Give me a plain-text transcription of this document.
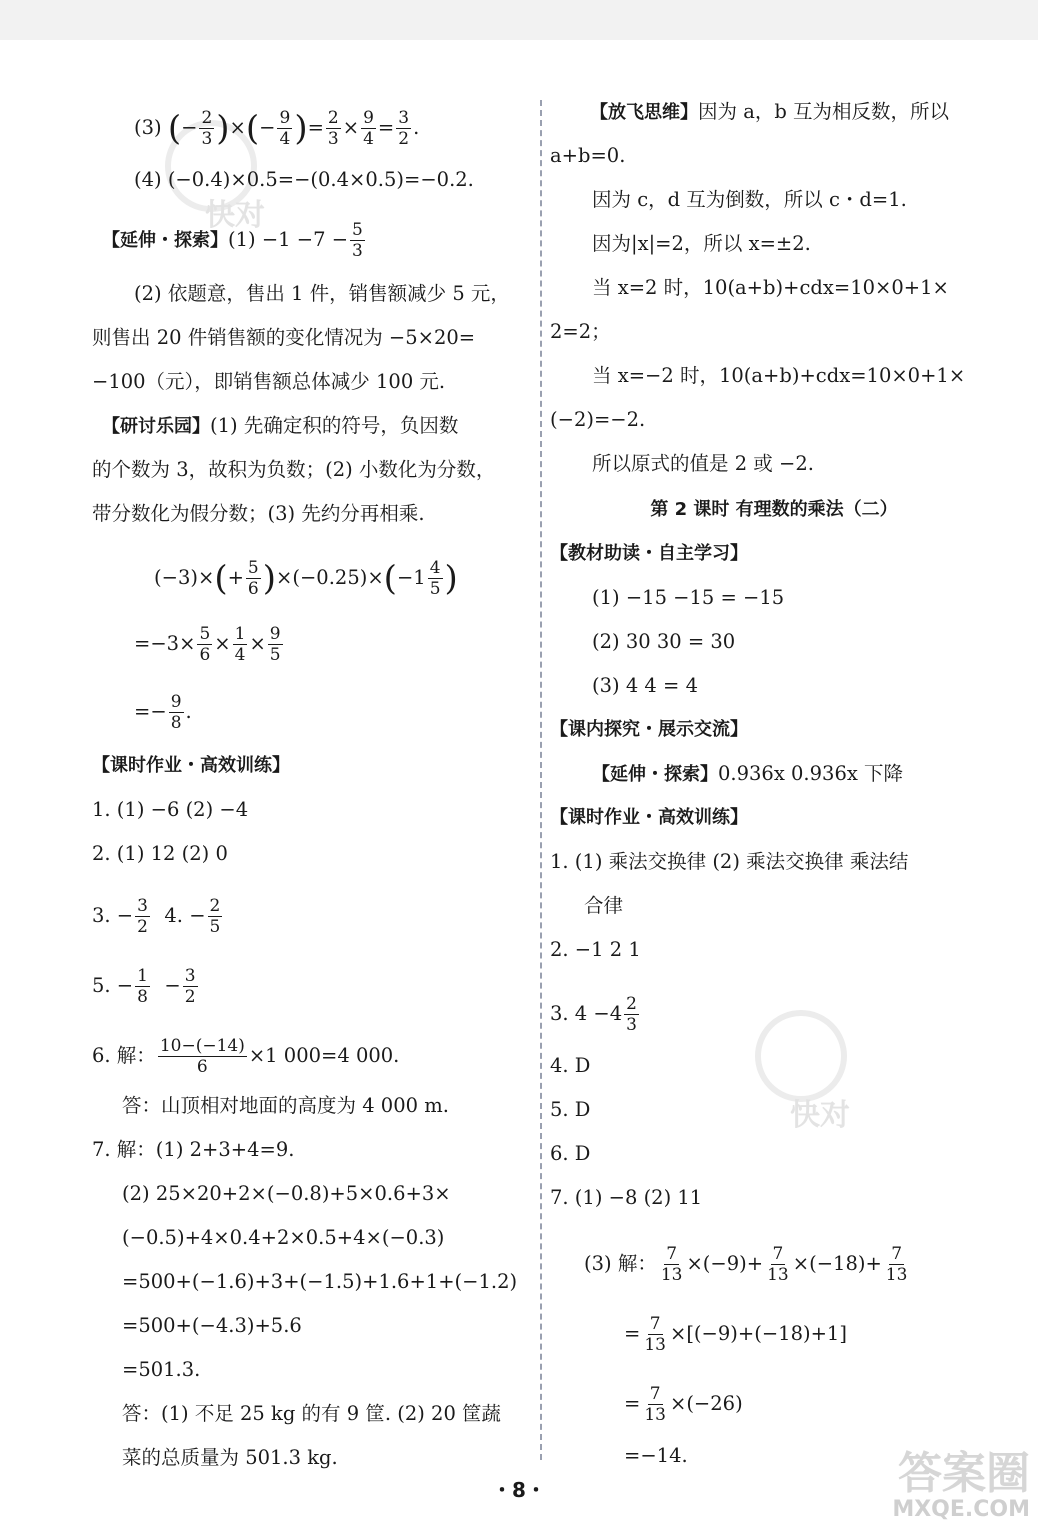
快对
快对
(3) (− $\frac{2}{3}$ )×(− $\frac{9}{4}$ )= $\frac{2}{3} \times \frac{9}{4} = \frac{3}{2}$ .
(4) (−0.4)×0.5=−(0.4×0.5)=−0.2.
【延伸・探索】$(1) -1 -7 - \frac{5}{3}$
(2) 依题意，售出 1 件，销售额减少 5 元，
则售出 20 件销售额的变化情况为 −5×20=
−100（元），即销售额总体减少 100 元.
【研讨乐园】(1) 先确定积的符号，负因数
的个数为 3，故积为负数；(2) 小数化为分数，
带分数化为假分数；(3) 先约分再相乘.
$(-3)\times(+ \frac{5}{6} )\times(-0.25)\times(-1 \frac{4}{5}$ )
$=-3\times \frac{5}{6} \times \frac{1}{4} \times \frac{9}{5}$
=− $\frac{9}{8}$ .
【课时作业・高效训练】
1. (1) −6 (2) −4
2. (1) 12 (2) 0
3. − $\frac{3}{2} 4$. − $\frac{2}{5}$
5. − $\frac{1}{8} - \frac{3}{2}$
6. 解： $\frac{10-(-14)}{6} \times 1$ 000=4 000.
答：山顶相对地面的高度为 4 000 m.
7. 解：(1) 2+3+4=9.
(2) 25×20+2×(−0.8)+5×0.6+3×
(−0.5)+4×0.4+2×0.5+4×(−0.3)
=500+(−1.6)+3+(−1.5)+1.6+1+(−1.2)
=500+(−4.3)+5.6
=501.3.
答：(1) 不足 25 kg 的有 9 筐. (2) 20 筐蔬
菜的总质量为 501.3 kg.
【放飞思维】因为 a，b 互为相反数，所以
a+b=0.
因为 c，d 互为倒数，所以 c・d=1.
因为|x|=2，所以 x=±2.
当 x=2 时，10(a+b)+cdx=10×0+1×
2=2；
当 x=−2 时，10(a+b)+cdx=10×0+1×
(−2)=−2.
所以原式的值是 2 或 −2.
第 2 课时 有理数的乘法（二）
【教材助读・自主学习】
(1) −15 −15 = −15
(2) 30 30 = 30
(3) 4 4 = 4
【课内探究・展示交流】
【延伸・探索】0.936x 0.936x 下降
【课时作业・高效训练】
1. (1) 乘法交换律 (2) 乘法交换律 乘法结
合律
2. −1 2 1
3. $4 -4 \frac{2}{3}$
4. D
5. D
6. D
7. (1) −8 (2) 11
(3) 解： $\frac{7}{13} \times(-9)+ \frac{7}{13} \times(-18)+ \frac{7}{13}$
= $\frac{7}{13} \times[(-9)+(-18)+1]$
= $\frac{7}{13} \times(-26)$
=−14.
・8・	答案圈
MXQE.COM
